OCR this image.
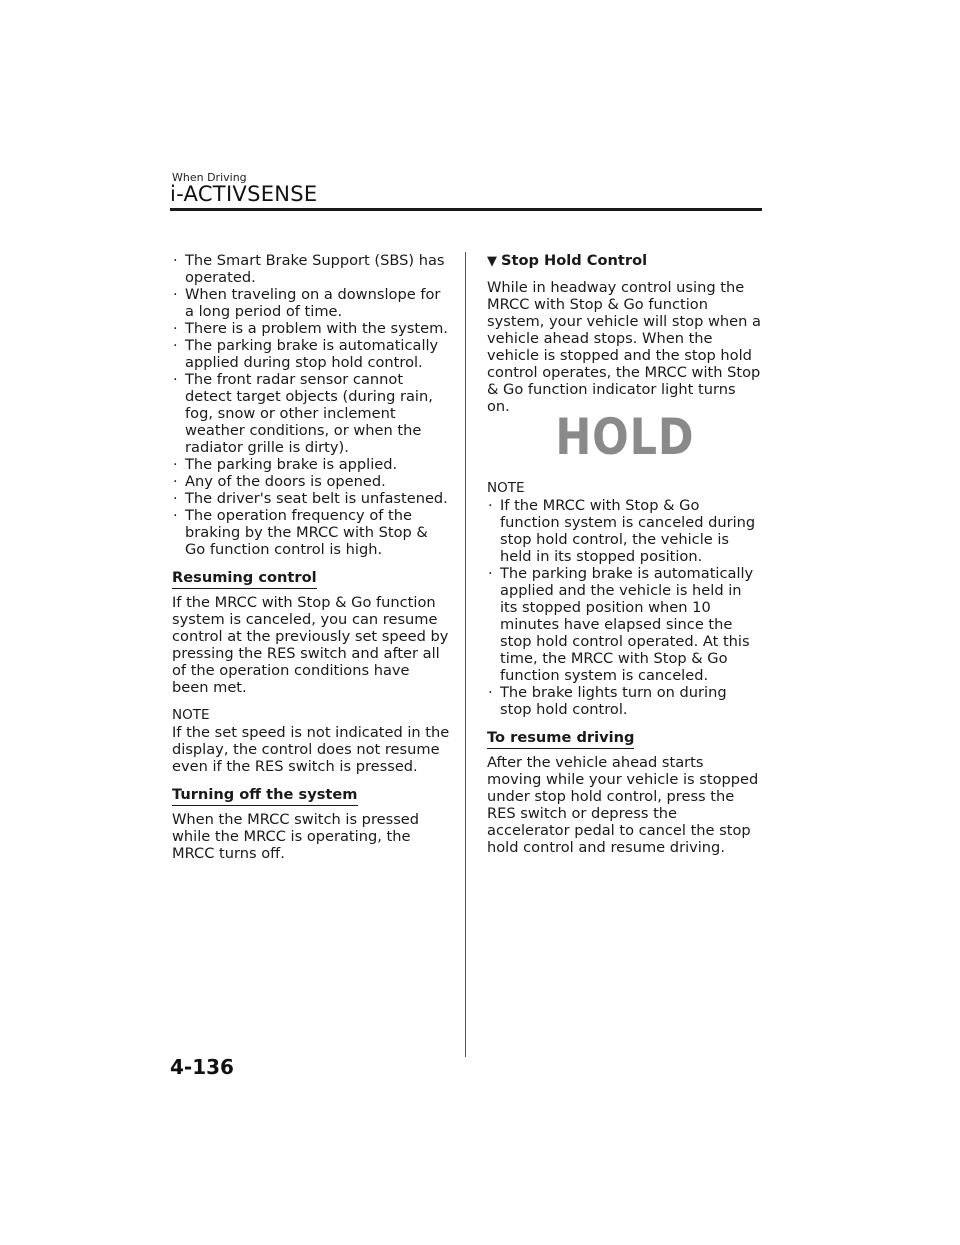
When Driving
i-ACTIVSENSE
· The Smart Brake Support (SBS) has operated.
· When traveling on a downslope for a long period of time.
· There is a problem with the system.
· The parking brake is automatically applied during stop hold control.
· The front radar sensor cannot detect target objects (during rain, fog, snow or other inclement weather conditions, or when the radiator grille is dirty).
· The parking brake is applied.
· Any of the doors is opened.
· The driver's seat belt is unfastened.
· The operation frequency of the braking by the MRCC with Stop & Go function control is high.
Resuming control

If the MRCC with Stop & Go function system is canceled, you can resume control at the previously set speed by pressing the RES switch and after all of the operation conditions have been met.

NOTE

If the set speed is not indicated in the display, the control does not resume even if the RES switch is pressed.

Turning off the system

When the MRCC switch is pressed while the MRCC is operating, the MRCC turns off.

▼ Stop Hold Control

While in headway control using the MRCC with Stop & Go function system, your vehicle will stop when a vehicle ahead stops. When the vehicle is stopped and the stop hold control operates, the MRCC with Stop & Go function indicator light turns on.

HOLD
NOTE
· If the MRCC with Stop & Go function system is canceled during stop hold control, the vehicle is held in its stopped position.
· The parking brake is automatically applied and the vehicle is held in its stopped position when 10 minutes have elapsed since the stop hold control operated. At this time, the MRCC with Stop & Go function system is canceled.
· The brake lights turn on during stop hold control.
To resume driving

After the vehicle ahead starts moving while your vehicle is stopped under stop hold control, press the RES switch or depress the accelerator pedal to cancel the stop hold control and resume driving.

4-136
